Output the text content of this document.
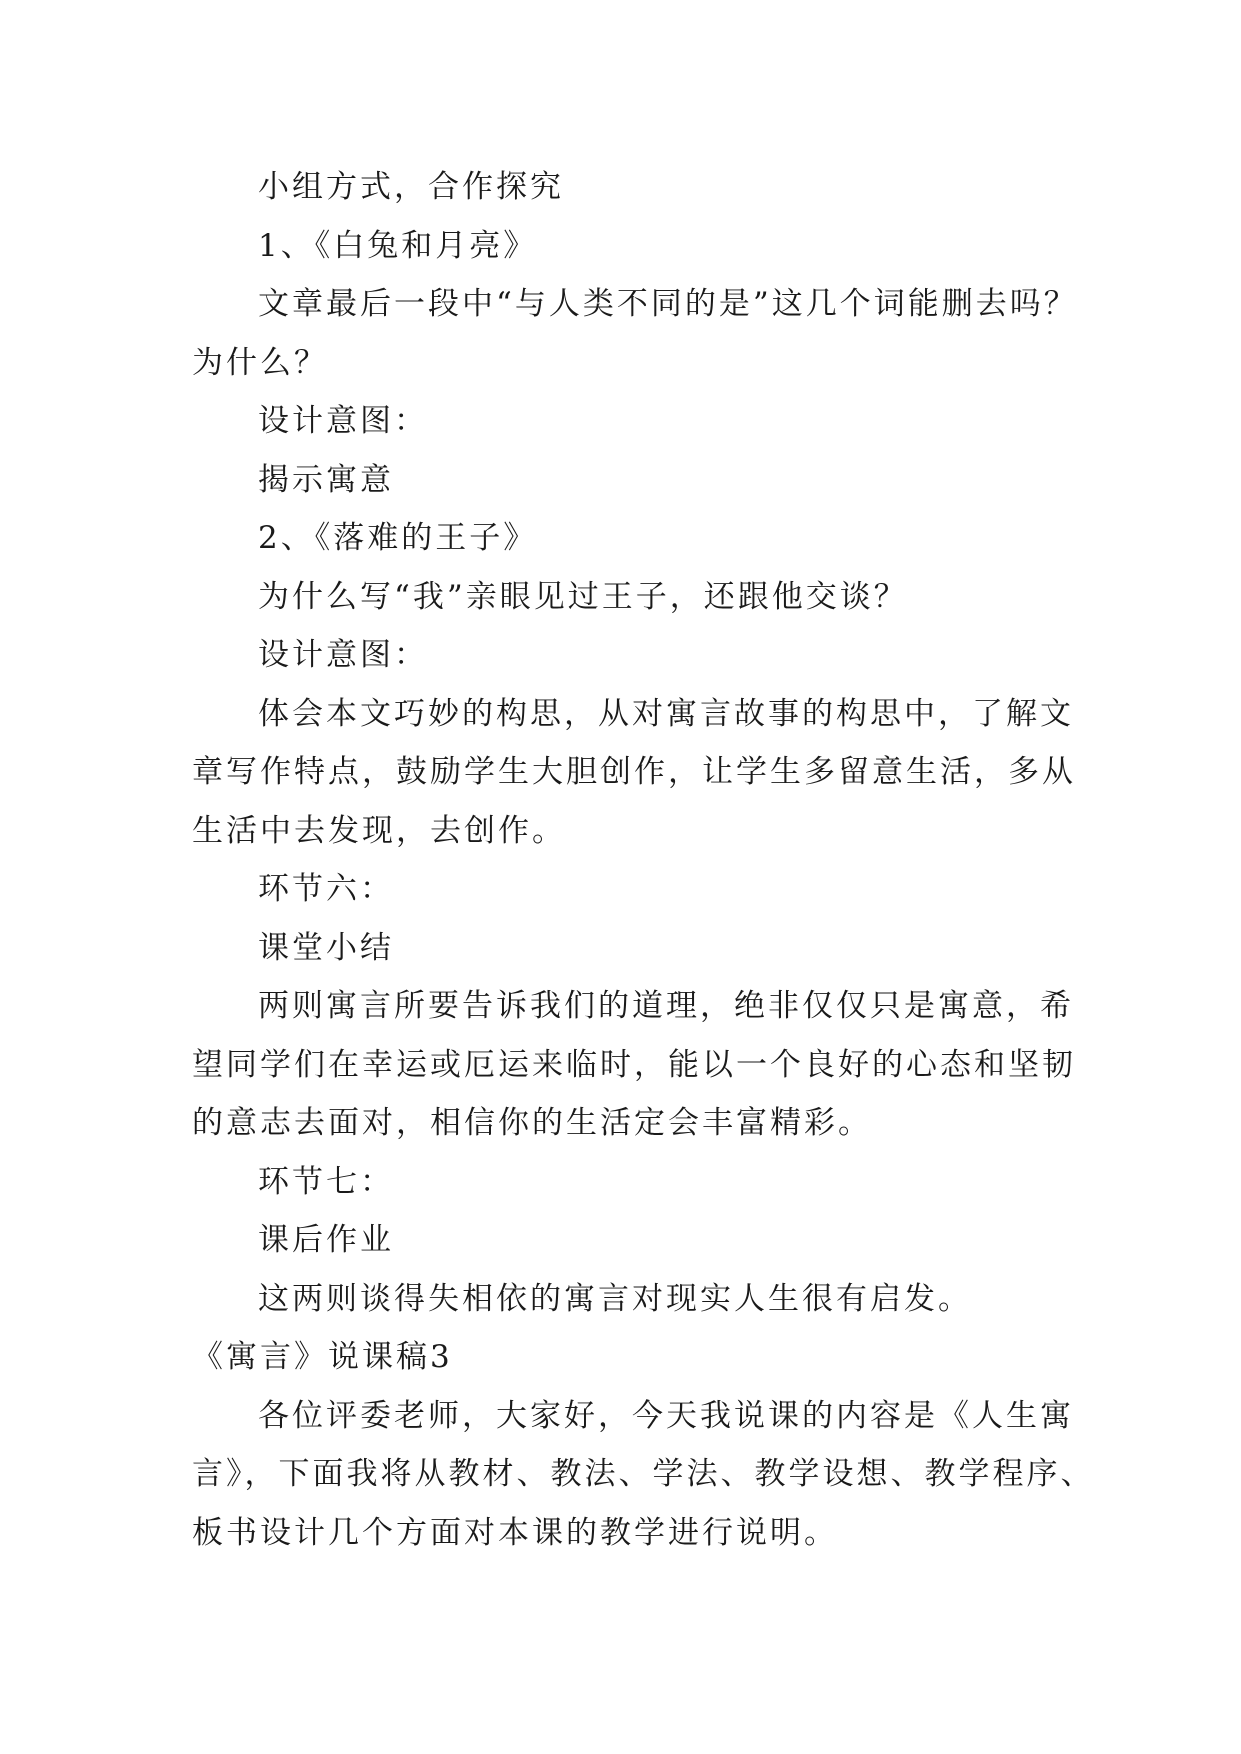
小组方式，合作探究
1、《白兔和月亮》
文章最后一段中“与人类不同的是”这几个词能删去吗？
为什么？
设计意图：
揭示寓意
2、《落难的王子》
为什么写“我”亲眼见过王子，还跟他交谈？
设计意图：
体会本文巧妙的构思，从对寓言故事的构思中，了解文
章写作特点，鼓励学生大胆创作，让学生多留意生活，多从
生活中去发现，去创作。
环节六：
课堂小结
两则寓言所要告诉我们的道理，绝非仅仅只是寓意，希
望同学们在幸运或厄运来临时，能以一个良好的心态和坚韧
的意志去面对，相信你的生活定会丰富精彩。
环节七：
课后作业
这两则谈得失相依的寓言对现实人生很有启发。
《寓言》说课稿3
各位评委老师，大家好，今天我说课的内容是《人生寓
言》，下面我将从教材、教法、学法、教学设想、教学程序、
板书设计几个方面对本课的教学进行说明。
